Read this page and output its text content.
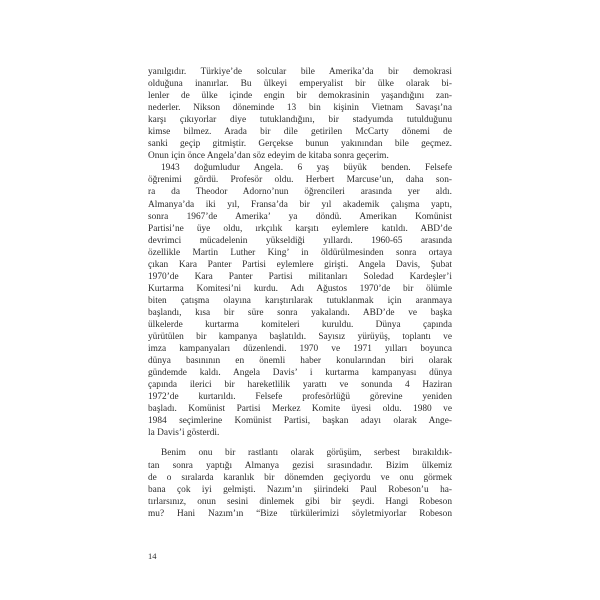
yanılgıdır. Türkiye’de solcular bile Amerika’da bir demokrasi

olduğuna inanırlar. Bu ülkeyi emperyalist bir ülke olarak bi-

lenler de ülke içinde engin bir demokrasinin yaşandığını zan-

nederler. Nikson döneminde 13 bin kişinin Vietnam Savaşı’na

karşı çıkıyorlar diye tutuklandığını, bir stadyumda tutulduğunu

kimse bilmez. Arada bir dile getirilen McCarty dönemi de

sanki geçip gitmiştir. Gerçekse bunun yakınından bile geçmez.

Onun için önce Angela’dan söz edeyim de kitaba sonra geçerim.

1943 doğumludur Angela. 6 yaş büyük benden. Felsefe

öğrenimi gördü. Profesör oldu. Herbert Marcuse’un, daha son-

ra da Theodor Adorno’nun öğrencileri arasında yer aldı.

Almanya’da iki yıl, Fransa’da bir yıl akademik çalışma yaptı,

sonra 1967’de Amerika’ ya döndü. Amerikan Komünist

Partisi’ne üye oldu, ırkçılık karşıtı eylemlere katıldı. ABD’de

devrimci mücadelenin yükseldiği yıllardı. 1960-65 arasında

özellikle Martin Luther King’ in öldürülmesinden sonra ortaya

çıkan Kara Panter Partisi eylemlere girişti. Angela Davis, Şubat

1970’de Kara Panter Partisi militanları Soledad Kardeşler’i

Kurtarma Komitesi’ni kurdu. Adı Ağustos 1970’de bir ölümle

biten çatışma olayına karıştırılarak tutuklanmak için aranmaya

başlandı, kısa bir süre sonra yakalandı. ABD’de ve başka

ülkelerde kurtarma komiteleri kuruldu. Dünya çapında

yürütülen bir kampanya başlatıldı. Sayısız yürüyüş, toplantı ve

imza kampanyaları düzenlendi. 1970 ve 1971 yılları boyunca

dünya basınının en önemli haber konularından biri olarak

gündemde kaldı. Angela Davis’ i kurtarma kampanyası dünya

çapında ilerici bir hareketlilik yarattı ve sonunda 4 Haziran

1972’de kurtarıldı. Felsefe profesörlüğü görevine yeniden

başladı. Komünist Partisi Merkez Komite üyesi oldu. 1980 ve

1984 seçimlerine Komünist Partisi, başkan adayı olarak Ange-

la Davis’i gösterdi.

Benim onu bir rastlantı olarak görüşüm, serbest bırakıldık-

tan sonra yaptığı Almanya gezisi sırasındadır. Bizim ülkemiz

de o sıralarda karanlık bir dönemden geçiyordu ve onu görmek

bana çok iyi gelmişti. Nazım’ın şiirindeki Paul Robeson’u ha-

tırlarsınız, onun sesini dinlemek gibi bir şeydi. Hangi Robeson

mu? Hani Nazım’ın “Bize türkülerimizi söyletmiyorlar Robeson

14
